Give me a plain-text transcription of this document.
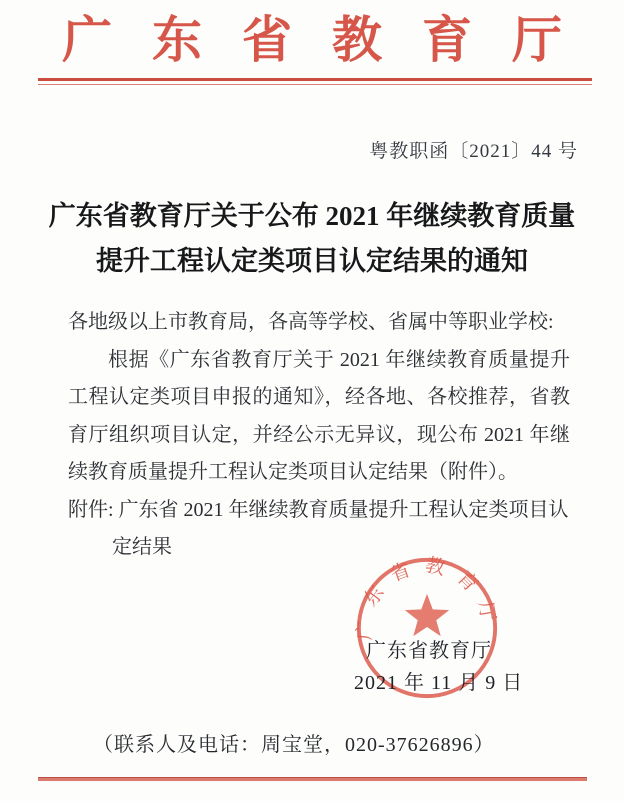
广东省教育厅
粤教职函〔2021〕44 号
广东省教育厅关于公布 2021 年继续教育质量
提升工程认定类项目认定结果的通知

各地级以上市教育局，各高等学校、省属中等职业学校:

根据《广东省教育厅关于 2021 年继续教育质量提升工程认定类项目申报的通知》，经各地、各校推荐，省教育厅组织项目认定，并经公示无异议，现公布 2021 年继续教育质量提升工程认定类项目认定结果（附件）。

附件: 广东省 2021 年继续教育质量提升工程认定类项目认定结果

广东省教育厅
广东省教育厅
2021 年 11 月 9 日
（联系人及电话：周宝堂，020-37626896）
